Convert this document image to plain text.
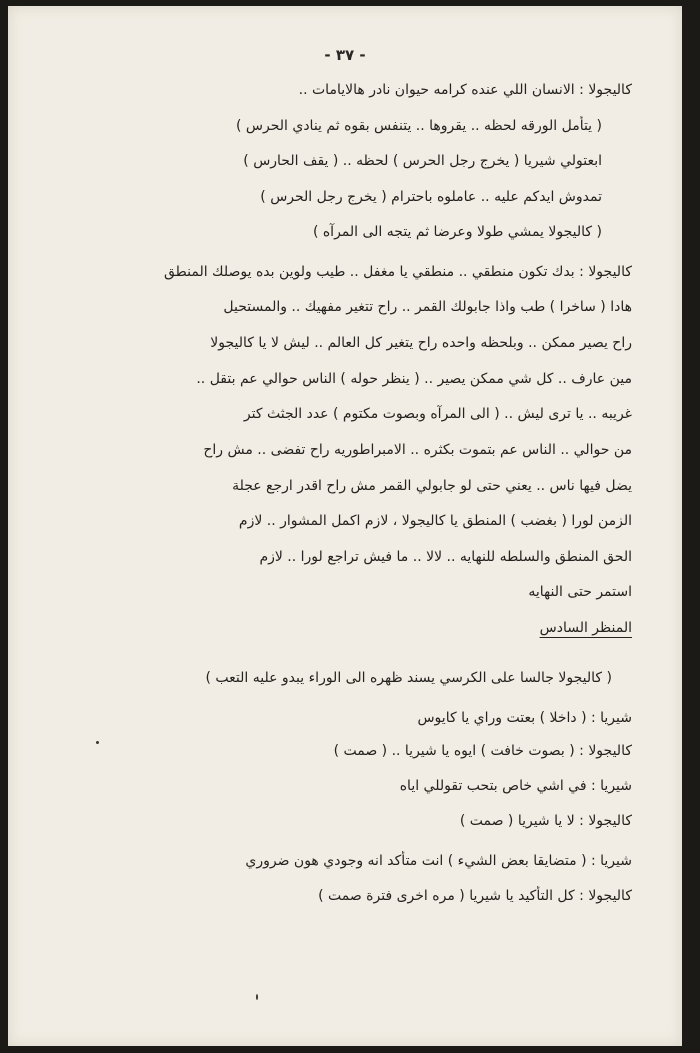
- ٣٧ -
كاليجولا : الانسان اللي عنده كرامه حيوان نادر هالايامات ..
( يتأمل الورقه لحظه .. يقروها .. يتنفس بقوه ثم ينادي الحرس )
ابعتولي شيريا ( يخرج رجل الحرس ) لحظه .. ( يقف الحارس )
تمدوش ايدكم عليه .. عاملوه باحترام ( يخرج رجل الحرس )
( كاليجولا يمشي طولا وعرضا ثم يتجه الى المرآه )
كاليجولا : بدك تكون منطقي .. منطقي يا مغفل .. طيب ولوين بده يوصلك المنطق
هادا ( ساخرا ) طب واذا جابولك القمر .. راح تتغير مفهيك .. والمستحيل
راح يصير ممكن .. وبلحظه واحده راح يتغير كل العالم .. ليش لا يا كاليجولا
مين عارف .. كل شي ممكن يصير .. ( ينظر حوله ) الناس حوالي عم بتقل ..
غريبه .. يا ترى ليش .. ( الى المرآه وبصوت مكتوم ) عدد الجثث كتر
من حوالي .. الناس عم بتموت بكثره .. الامبراطوريه راح تفضى .. مش راح
يضل فيها ناس .. يعني حتى لو جابولي القمر مش راح اقدر ارجع عجلة
الزمن لورا ( بغضب ) المنطق يا كاليجولا ، لازم اكمل المشوار .. لازم
الحق المنطق والسلطه للنهايه .. لالا .. ما فيش تراجع لورا .. لازم
استمر حتى النهايه
المنظر السادس
( كاليجولا جالسا على الكرسي يسند ظهره الى الوراء يبدو عليه التعب )
شيريا : ( داخلا ) بعتت وراي يا كايوس
كاليجولا : ( بصوت خافت ) ايوه يا شيريا .. ( صمت )
شيريا : في اشي خاص بتحب تقوللي اياه
كاليجولا : لا يا شيريا ( صمت )
شيريا : ( متضايقا بعض الشيء ) انت متأكد انه وجودي هون ضروري
كاليجولا : كل التأكيد يا شيريا ( مره اخرى فترة صمت )
